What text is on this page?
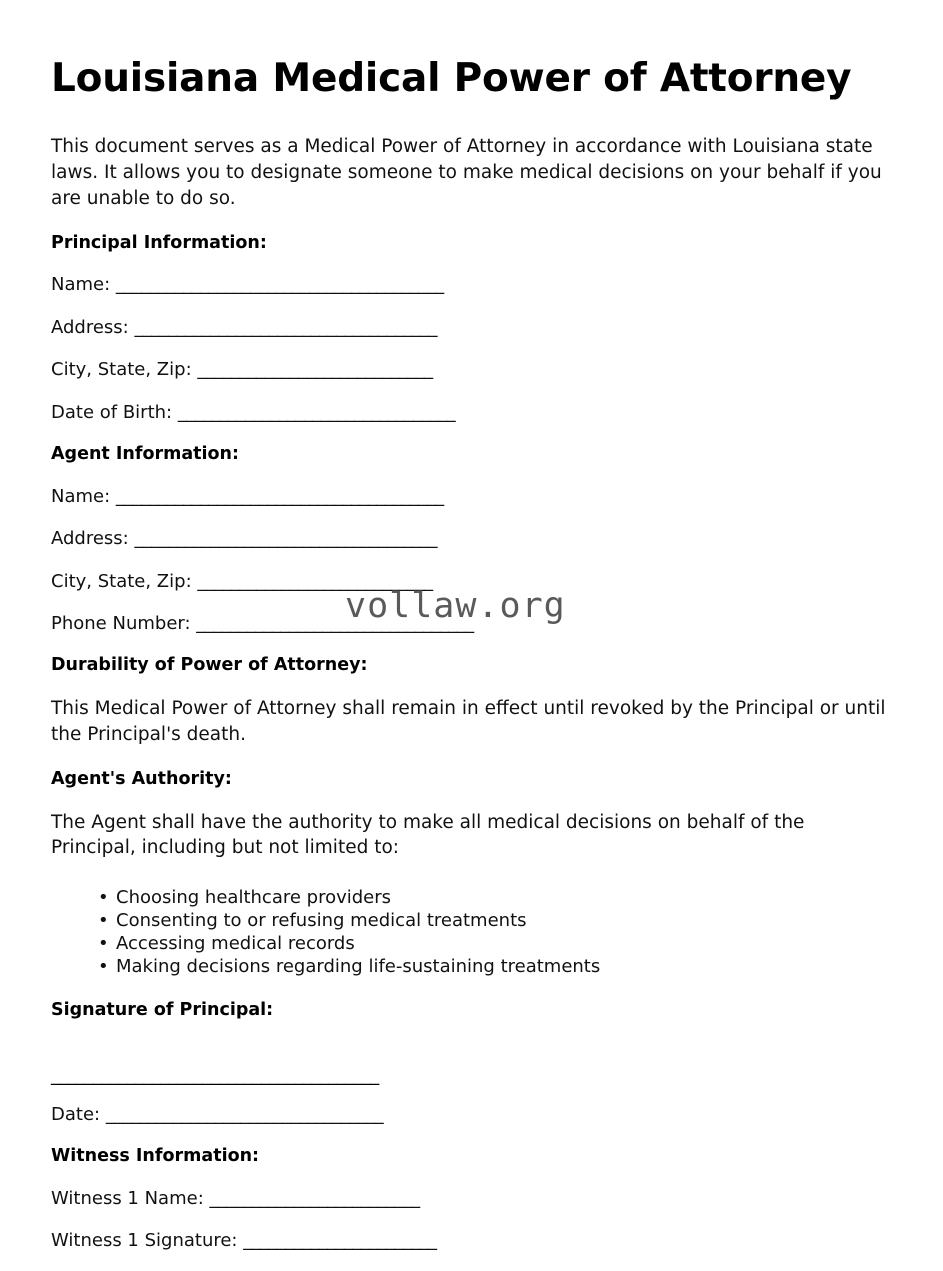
Louisiana Medical Power of Attorney

This document serves as a Medical Power of Attorney in accordance with Louisiana state laws. It allows you to designate someone to make medical decisions on your behalf if you are unable to do so.

Principal Information:
Name: _______________________________________
Address: ____________________________________
City, State, Zip: ____________________________
Date of Birth: _________________________________
Agent Information:
Name: _______________________________________
Address: ____________________________________
City, State, Zip: ____________________________
Phone Number: _________________________________
Durability of Power of Attorney:

This Medical Power of Attorney shall remain in effect until revoked by the Principal or until the Principal's death.

Agent's Authority:

The Agent shall have the authority to make all medical decisions on behalf of the Principal, including but not limited to:

• Choosing healthcare providers
• Consenting to or refusing medical treatments
• Accessing medical records
• Making decisions regarding life-sustaining treatments
Signature of Principal:
_______________________________________
Date: _________________________________
Witness Information:
Witness 1 Name: _________________________
Witness 1 Signature: _______________________
vollaw.org
